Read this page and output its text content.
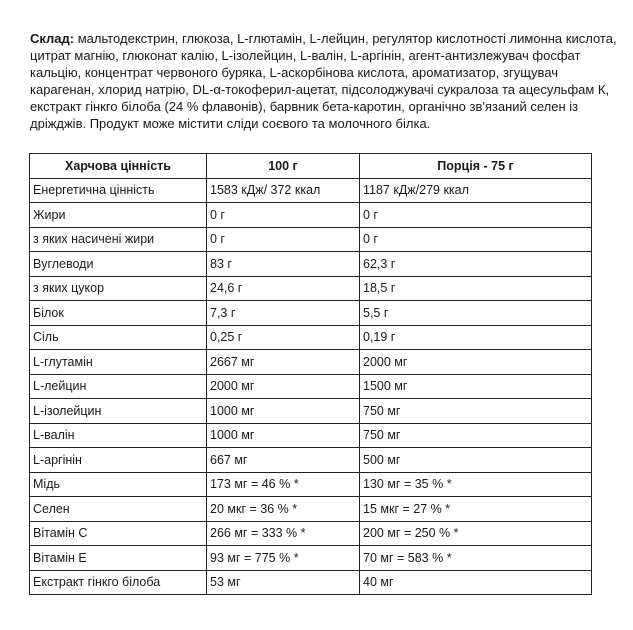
Склад: мальтодекстрин, глюкоза, L-глютамін, L-лейцин, регулятор кислотності лимонна кислота, цитрат магнію, глюконат калію, L-ізолейцин, L-валін, L-аргінін, агент-антизлежувач фосфат кальцію, концентрат червоного буряка, L-аскорбінова кислота, ароматизатор, згущувач карагенан, хлорид натрію, DL-α-токоферил-ацетат, підсолоджувачі сукралоза та ацесульфам К, екстракт гінкго білоба (24 % флавонів), барвник бета-каротин, органічно зв'язаний селен із дріжджів. Продукт може містити сліди соєвого та молочного білка.
Харчова цінність	100 г	Порція - 75 г
Енергетична цінність	1583 кДж/ 372 ккал	1187 кДж/279 ккал
Жири	0 г	0 г
з яких насичені жири	0 г	0 г
Вуглеводи	83 г	62,3 г
з яких цукор	24,6 г	18,5 г
Білок	7,3 г	5,5 г
Сіль	0,25 г	0,19 г
L-глутамін	2667 мг	2000 мг
L-лейцин	2000 мг	1500 мг
L-ізолейцин	1000 мг	750 мг
L-валін	1000 мг	750 мг
L-аргінін	667 мг	500 мг
Мідь	173 мг = 46 % *	130 мг = 35 % *
Селен	20 мкг = 36 % *	15 мкг = 27 % *
Вітамін С	266 мг = 333 % *	200 мг = 250 % *
Вітамін Е	93 мг = 775 % *	70 мг = 583 % *
Екстракт гінкго білоба	53 мг	40 мг
